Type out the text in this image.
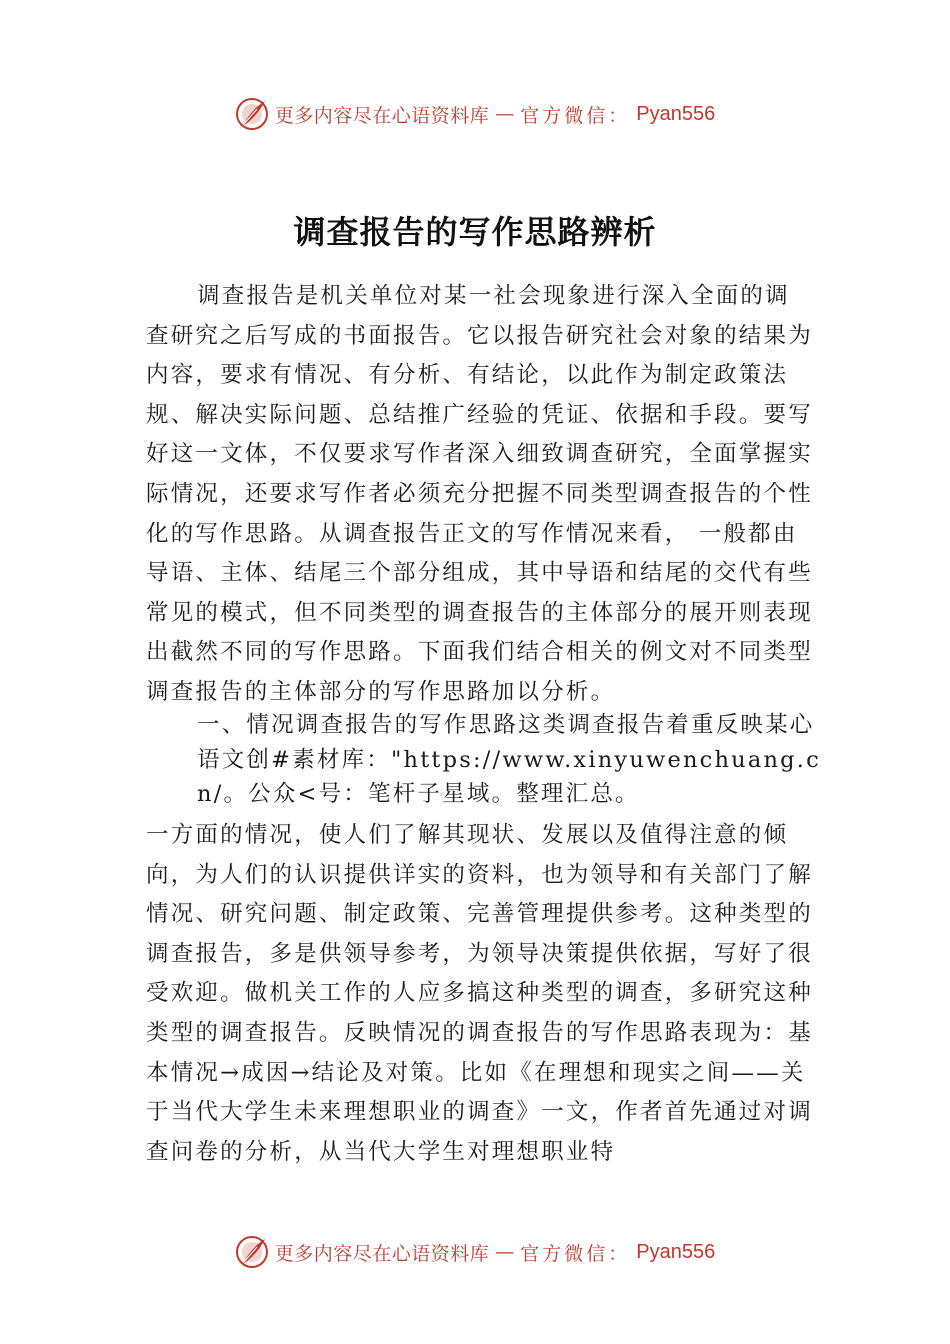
更多内容尽在心语资料库 — 官方微信： Pyan556
调查报告的写作思路辨析

调查报告是机关单位对某一社会现象进行深入全面的调查研究之后写成的书面报告。它以报告研究社会对象的结果为内容，要求有情况、有分析、有结论，以此作为制定政策法规、解决实际问题、总结推广经验的凭证、依据和手段。要写好这一文体，不仅要求写作者深入细致调查研究，全面掌握实际情况，还要求写作者必须充分把握不同类型调查报告的个性化的写作思路。从调查报告正文的写作情况来看， 一般都由导语、主体、结尾三个部分组成，其中导语和结尾的交代有些常见的模式，但不同类型的调查报告的主体部分的展开则表现出截然不同的写作思路。下面我们结合相关的例文对不同类型调查报告的主体部分的写作思路加以分析。

一、情况调查报告的写作思路这类调查报告着重反映某心语文创#素材库："https://www.xinyuwenchuang.cn/。公众<号：笔杆子星域。整理汇总。

一方面的情况，使人们了解其现状、发展以及值得注意的倾向，为人们的认识提供详实的资料，也为领导和有关部门了解情况、研究问题、制定政策、完善管理提供参考。这种类型的调查报告，多是供领导参考，为领导决策提供依据，写好了很受欢迎。做机关工作的人应多搞这种类型的调查，多研究这种类型的调查报告。反映情况的调查报告的写作思路表现为：基本情况→成因→结论及对策。比如《在理想和现实之间——关于当代大学生未来理想职业的调查》一文，作者首先通过对调查问卷的分析，从当代大学生对理想职业特

更多内容尽在心语资料库 — 官方微信： Pyan556
